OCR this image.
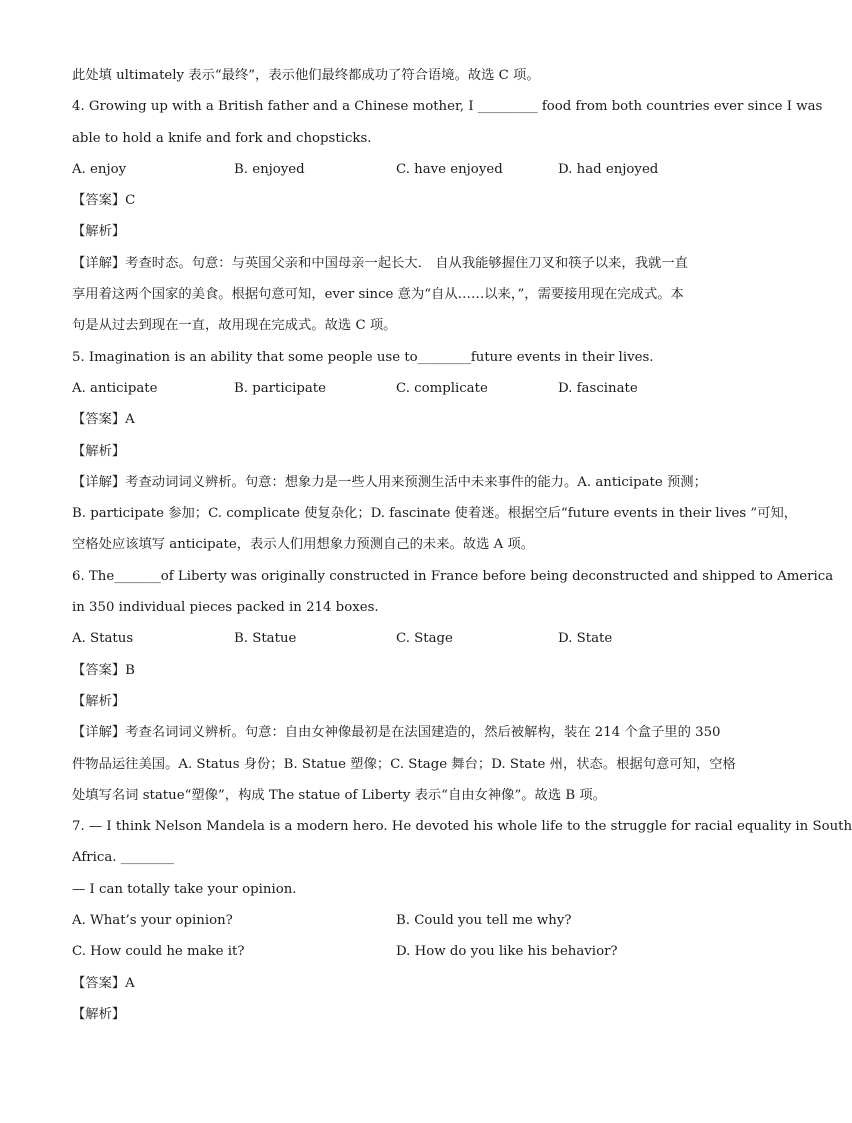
此处填 ultimately 表示“最终”，表示他们最终都成功了符合语境。故选 C 项。
4. Growing up with a British father and a Chinese mother, I _________ food from both countries ever since I was
able to hold a knife and fork and chopsticks.
A. enjoy	B. enjoyed	C. have enjoyed	D. had enjoyed
【答案】C
【解析】
【详解】考查时态。句意：与英国父亲和中国母亲一起长大． 自从我能够握住刀叉和筷子以来，我就一直
享用着这两个国家的美食。根据句意可知，ever since 意为“自从……以来，”，需要接用现在完成式。本
句是从过去到现在一直，故用现在完成式。故选 C 项。
5. Imagination is an ability that some people use to________future events in their lives.
A. anticipate	B. participate	C. complicate	D. fascinate
【答案】A
【解析】
【详解】考查动词词义辨析。句意：想象力是一些人用来预测生活中未来事件的能力。A. anticipate 预测；
B. participate 参加；C. complicate 使复杂化；D. fascinate 使着迷。根据空后“future events in their lives ”可知，
空格处应该填写 anticipate，表示人们用想象力预测自己的未来。故选 A 项。
6. The_______of Liberty was originally constructed in France before being deconstructed and shipped to America
in 350 individual pieces packed in 214 boxes.
A. Status	B. Statue	C. Stage	D. State
【答案】B
【解析】
【详解】考查名词词义辨析。句意：自由女神像最初是在法国建造的，然后被解构，装在 214 个盒子里的 350
件物品运往美国。A. Status 身份；B. Statue 塑像；C. Stage 舞台；D. State 州，状态。根据句意可知，空格
处填写名词 statue“塑像”，构成 The statue of Liberty 表示“自由女神像”。故选 B 项。
7. — I think Nelson Mandela is a modern hero. He devoted his whole life to the struggle for racial equality in South
Africa. ________
— I can totally take your opinion.
A. What’s your opinion?	B. Could you tell me why?
C. How could he make it?	D. How do you like his behavior?
【答案】A
【解析】
